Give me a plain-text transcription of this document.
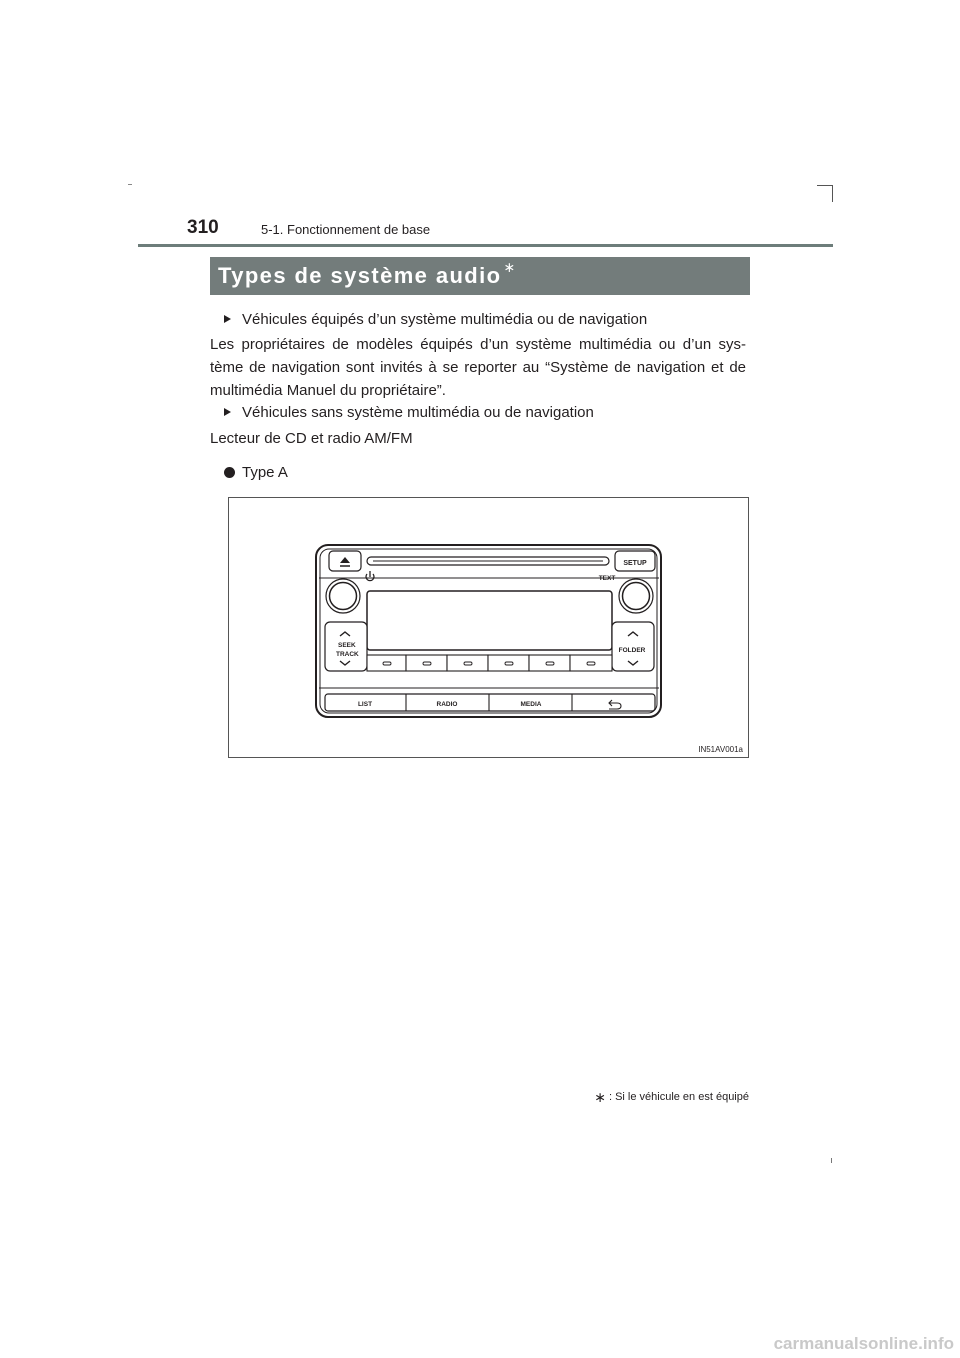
310	5-1. Fonctionnement de base
Types de système audio ∗
Véhicules équipés d’un système multimédia ou de navigation
Les propriétaires de modèles équipés d’un système multimédia ou d’un sys-tème de navigation sont invités à se reporter au “Système de navigation et de multimédia Manuel du propriétaire”.
Véhicules sans système multimédia ou de navigation
Lecteur de CD et radio AM/FM
Type A
SETUP
TEXT
SEEK
TRACK
FOLDER
LIST	RADIO	MEDIA
IN51AV001a
∗ : Si le véhicule en est équipé
carmanualsonline.info
